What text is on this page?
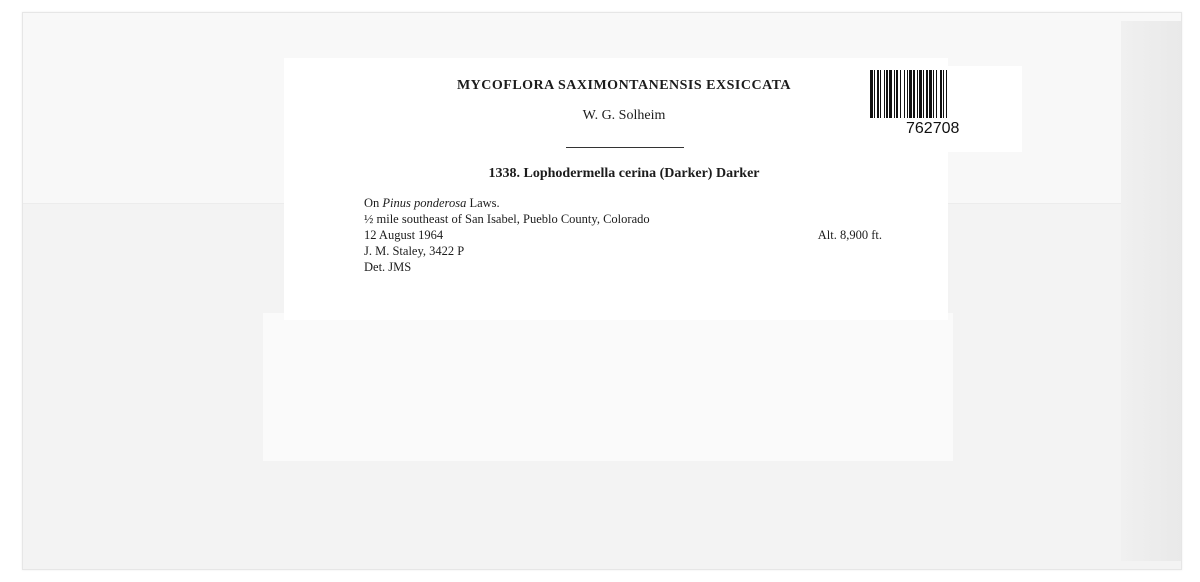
MYCOFLORA SAXIMONTANENSIS EXSICCATA
W. G. Solheim
1338. Lophodermella cerina (Darker) Darker
On Pinus ponderosa Laws.
½ mile southeast of San Isabel, Pueblo County, Colorado
12 August 1964	Alt. 8,900 ft.
J. M. Staley, 3422 P
Det. JMS
762708
